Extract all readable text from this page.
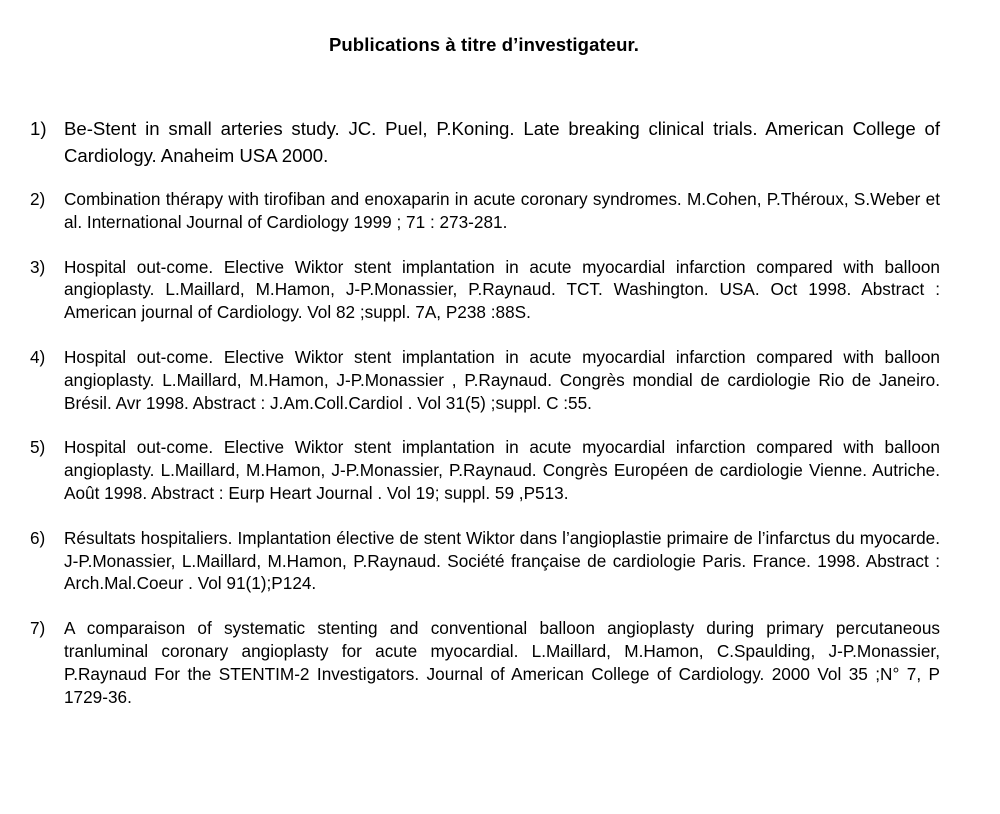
Publications à titre d’investigateur.
1) Be-Stent in small arteries study. JC. Puel, P.Koning. Late breaking clinical trials. American College of Cardiology. Anaheim USA 2000.
2) Combination thérapy with tirofiban and enoxaparin in acute coronary syndromes. M.Cohen, P.Théroux, S.Weber et al. International Journal of Cardiology 1999 ; 71 : 273-281.
3) Hospital out-come. Elective Wiktor stent implantation in acute myocardial infarction compared with balloon angioplasty. L.Maillard, M.Hamon, J-P.Monassier, P.Raynaud. TCT. Washington. USA. Oct 1998. Abstract : American journal of Cardiology. Vol 82 ;suppl. 7A, P238 :88S.
4) Hospital out-come. Elective Wiktor stent implantation in acute myocardial infarction compared with balloon angioplasty. L.Maillard, M.Hamon, J-P.Monassier , P.Raynaud. Congrès mondial de cardiologie Rio de Janeiro. Brésil. Avr 1998. Abstract : J.Am.Coll.Cardiol . Vol 31(5) ;suppl. C :55.
5) Hospital out-come. Elective Wiktor stent implantation in acute myocardial infarction compared with balloon angioplasty. L.Maillard, M.Hamon, J-P.Monassier, P.Raynaud. Congrès Européen de cardiologie Vienne. Autriche. Août 1998. Abstract : Eurp Heart Journal . Vol 19; suppl. 59 ,P513.
6) Résultats hospitaliers. Implantation élective de stent Wiktor dans l’angioplastie primaire de l’infarctus du myocarde. J-P.Monassier, L.Maillard, M.Hamon, P.Raynaud. Société française de cardiologie Paris. France. 1998. Abstract : Arch.Mal.Coeur . Vol 91(1);P124.
7) A comparaison of systematic stenting and conventional balloon angioplasty during primary percutaneous tranluminal coronary angioplasty for acute myocardial. L.Maillard, M.Hamon, C.Spaulding, J-P.Monassier, P.Raynaud For the STENTIM-2 Investigators. Journal of American College of Cardiology. 2000 Vol 35 ;N° 7, P 1729-36.
